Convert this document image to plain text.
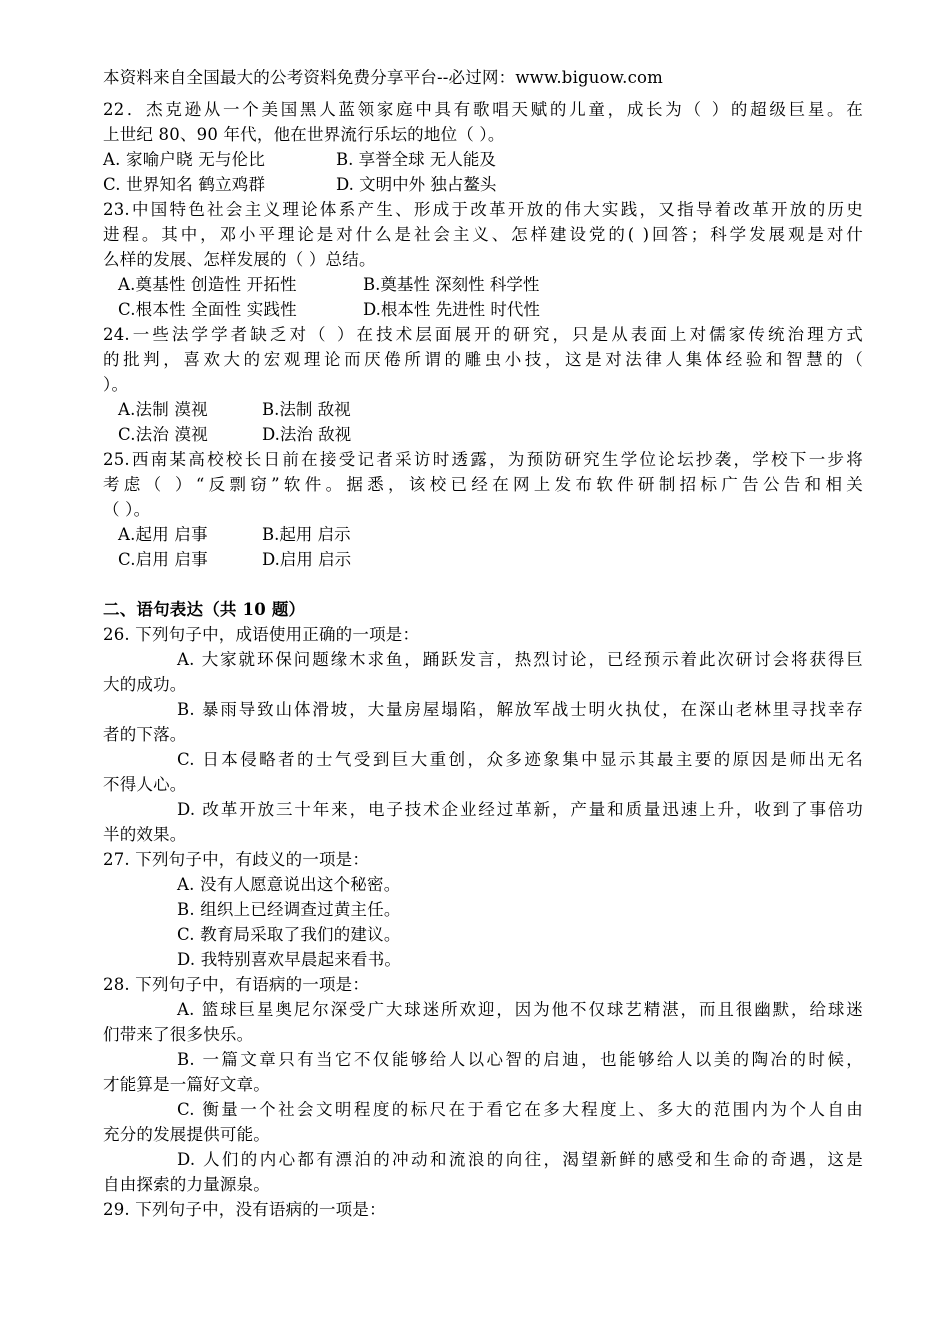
本资料来自全国最大的公考资料免费分享平台--必过网：www.biguow.com
22．杰克逊从一个美国黑人蓝领家庭中具有歌唱天赋的儿童，成长为（ ）的超级巨星。在
上世纪 80、90 年代，他在世界流行乐坛的地位（ ）。
A. 家喻户晓 无与伦比	B. 享誉全球 无人能及
C. 世界知名 鹤立鸡群	D. 文明中外 独占鳌头
23.中国特色社会主义理论体系产生、形成于改革开放的伟大实践，又指导着改革开放的历史
进程。其中，邓小平理论是对什么是社会主义、怎样建设党的( )回答；科学发展观是对什
么样的发展、怎样发展的（ ）总结。
A.奠基性 创造性 开拓性	B.奠基性 深刻性 科学性
C.根本性 全面性 实践性	D.根本性 先进性 时代性
24.一些法学学者缺乏对（ ）在技术层面展开的研究，只是从表面上对儒家传统治理方式
的批判，喜欢大的宏观理论而厌倦所谓的雕虫小技，这是对法律人集体经验和智慧的（
）。
A.法制 漠视	B.法制 敌视
C.法治 漠视	D.法治 敌视
25.西南某高校校长日前在接受记者采访时透露，为预防研究生学位论坛抄袭，学校下一步将
考虑（ ）“反剽窃”软件。据悉，该校已经在网上发布软件研制招标广告公告和相关
（ ）。
A.起用 启事	B.起用 启示
C.启用 启事	D.启用 启示
二、语句表达（共 10 题）
26. 下列句子中，成语使用正确的一项是：
A. 大家就环保问题缘木求鱼，踊跃发言，热烈讨论，已经预示着此次研讨会将获得巨
大的成功。
B. 暴雨导致山体滑坡，大量房屋塌陷，解放军战士明火执仗，在深山老林里寻找幸存
者的下落。
C. 日本侵略者的士气受到巨大重创，众多迹象集中显示其最主要的原因是师出无名
不得人心。
D. 改革开放三十年来，电子技术企业经过革新，产量和质量迅速上升，收到了事倍功
半的效果。
27. 下列句子中，有歧义的一项是：
A. 没有人愿意说出这个秘密。
B. 组织上已经调查过黄主任。
C. 教育局采取了我们的建议。
D. 我特别喜欢早晨起来看书。
28. 下列句子中，有语病的一项是：
A. 篮球巨星奥尼尔深受广大球迷所欢迎，因为他不仅球艺精湛，而且很幽默，给球迷
们带来了很多快乐。
B. 一篇文章只有当它不仅能够给人以心智的启迪，也能够给人以美的陶冶的时候，
才能算是一篇好文章。
C. 衡量一个社会文明程度的标尺在于看它在多大程度上、多大的范围内为个人自由
充分的发展提供可能。
D. 人们的内心都有漂泊的冲动和流浪的向往，渴望新鲜的感受和生命的奇遇，这是
自由探索的力量源泉。
29. 下列句子中，没有语病的一项是：
